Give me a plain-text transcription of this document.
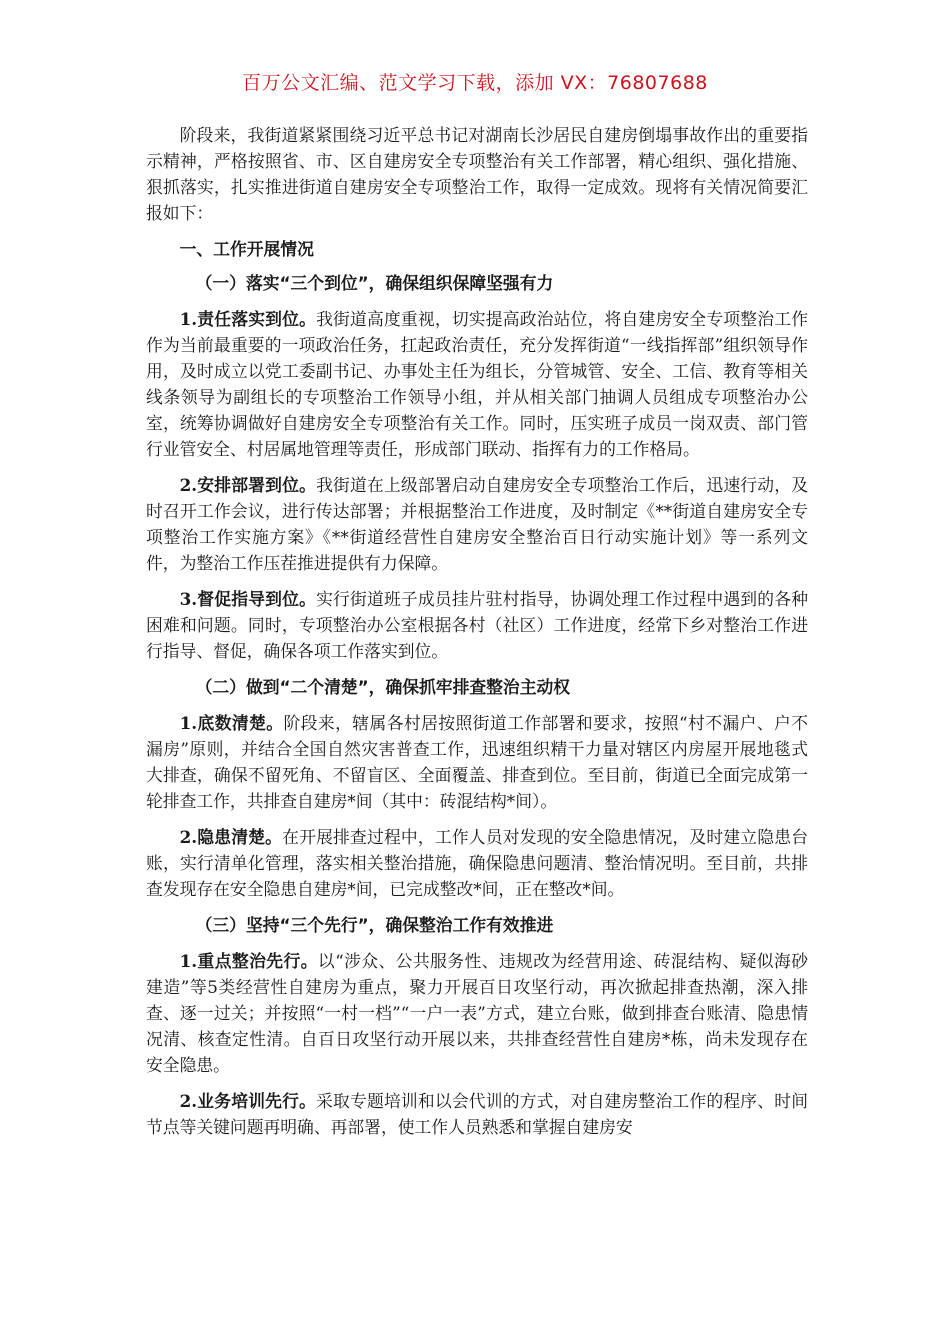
百万公文汇编、范文学习下载，添加 VX：76807688

阶段来，我街道紧紧围绕习近平总书记对湖南长沙居民自建房倒塌事故作出的重要指示精神，严格按照省、市、区自建房安全专项整治有关工作部署，精心组织、强化措施、狠抓落实，扎实推进街道自建房安全专项整治工作，取得一定成效。现将有关情况简要汇报如下：

一、工作开展情况

（一）落实“三个到位”，确保组织保障坚强有力

1.责任落实到位。我街道高度重视，切实提高政治站位，将自建房安全专项整治工作作为当前最重要的一项政治任务，扛起政治责任，充分发挥街道“一线指挥部”组织领导作用，及时成立以党工委副书记、办事处主任为组长，分管城管、安全、工信、教育等相关线条领导为副组长的专项整治工作领导小组，并从相关部门抽调人员组成专项整治办公室，统筹协调做好自建房安全专项整治有关工作。同时，压实班子成员一岗双责、部门管行业管安全、村居属地管理等责任，形成部门联动、指挥有力的工作格局。

2.安排部署到位。我街道在上级部署启动自建房安全专项整治工作后，迅速行动，及时召开工作会议，进行传达部署；并根据整治工作进度，及时制定《**街道自建房安全专项整治工作实施方案》《**街道经营性自建房安全整治百日行动实施计划》等一系列文件，为整治工作压茬推进提供有力保障。

3.督促指导到位。实行街道班子成员挂片驻村指导，协调处理工作过程中遇到的各种困难和问题。同时，专项整治办公室根据各村（社区）工作进度，经常下乡对整治工作进行指导、督促，确保各项工作落实到位。

（二）做到“二个清楚”，确保抓牢排查整治主动权

1.底数清楚。阶段来，辖属各村居按照街道工作部署和要求，按照“村不漏户、户不漏房”原则，并结合全国自然灾害普查工作，迅速组织精干力量对辖区内房屋开展地毯式大排查，确保不留死角、不留盲区、全面覆盖、排查到位。至目前，街道已全面完成第一轮排查工作，共排查自建房*间（其中：砖混结构*间）。

2.隐患清楚。在开展排查过程中，工作人员对发现的安全隐患情况，及时建立隐患台账，实行清单化管理，落实相关整治措施，确保隐患问题清、整治情况明。至目前，共排查发现存在安全隐患自建房*间，已完成整改*间，正在整改*间。

（三）坚持“三个先行”，确保整治工作有效推进

1.重点整治先行。以“涉众、公共服务性、违规改为经营用途、砖混结构、疑似海砂建造”等5类经营性自建房为重点，聚力开展百日攻坚行动，再次掀起排查热潮，深入排查、逐一过关；并按照“一村一档”“一户一表”方式，建立台账，做到排查台账清、隐患情况清、核查定性清。自百日攻坚行动开展以来，共排查经营性自建房*栋，尚未发现存在安全隐患。

2.业务培训先行。采取专题培训和以会代训的方式，对自建房整治工作的程序、时间节点等关键问题再明确、再部署，使工作人员熟悉和掌握自建房安
